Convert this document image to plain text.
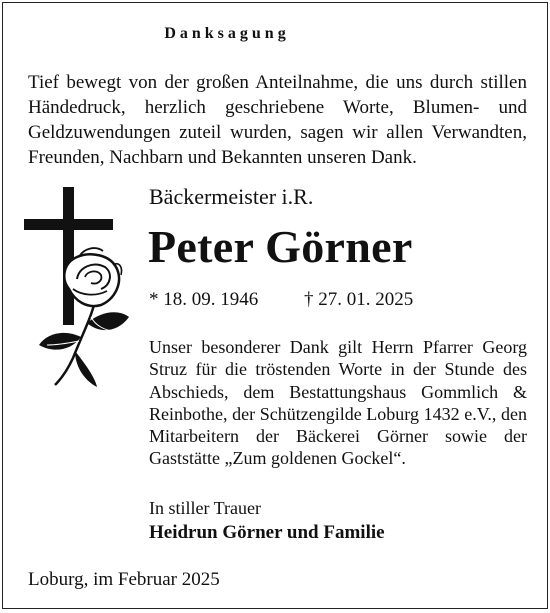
Danksagung

Tief bewegt von der großen Anteilnahme, die uns durch stillen Händedruck, herzlich geschriebene Worte, Blumen- und Geldzuwendungen zuteil wurden, sagen wir allen Verwandten, Freunden, Nachbarn und Bekannten unseren Dank.

Bäckermeister i.R.

Peter Görner

* 18. 09. 1946 † 27. 01. 2025

Unser besonderer Dank gilt Herrn Pfarrer Georg Struz für die tröstenden Worte in der Stunde des Abschieds, dem Bestattungshaus Gommlich & Reinbothe, der Schützengilde Loburg 1432 e.V., den Mitarbeitern der Bäckerei Görner sowie der Gaststätte „Zum goldenen Gockel“.

In stiller Trauer

Heidrun Görner und Familie

Loburg, im Februar 2025
